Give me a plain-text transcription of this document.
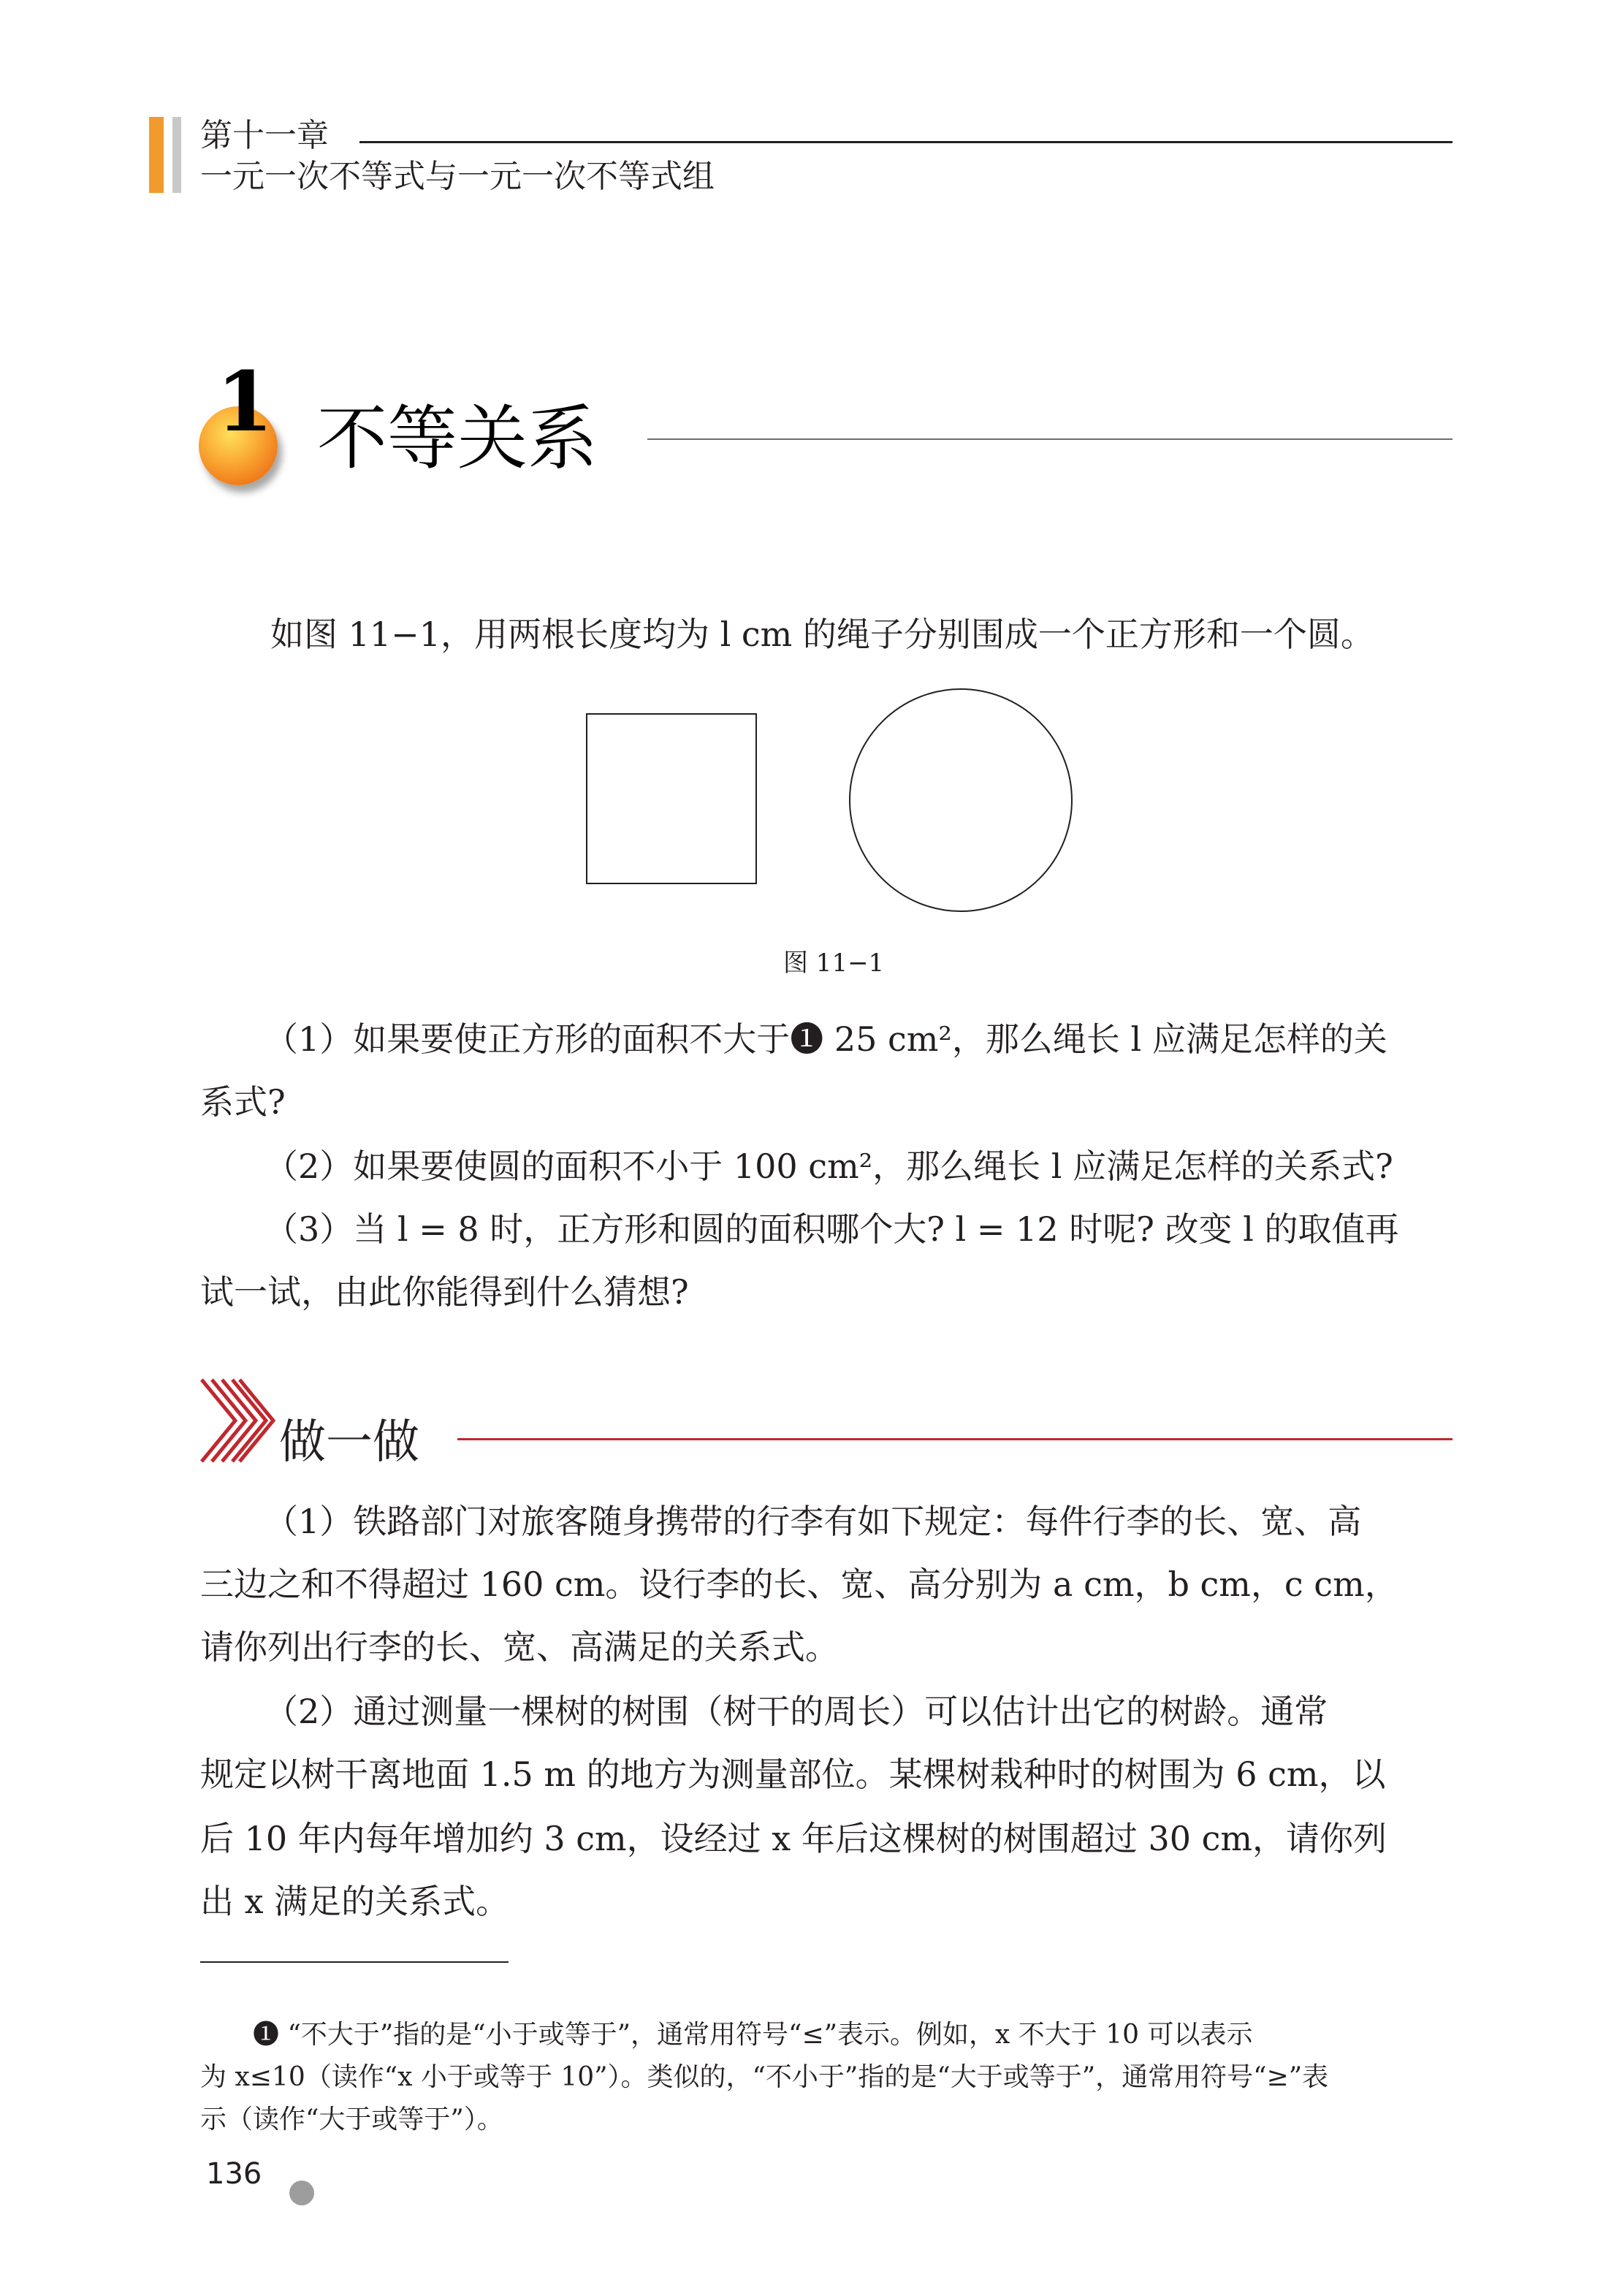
第十一章
一元一次不等式与一元一次不等式组
1 不等关系
如图 11−1，用两根长度均为 l cm 的绳子分别围成一个正方形和一个圆。
图 11−1
（1）如果要使正方形的面积不大于❶ 25 cm²，那么绳长 l 应满足怎样的关
系式?
（2）如果要使圆的面积不小于 100 cm²，那么绳长 l 应满足怎样的关系式?
（3）当 l = 8 时，正方形和圆的面积哪个大? l = 12 时呢? 改变 l 的取值再
试一试，由此你能得到什么猜想?
做一做
（1）铁路部门对旅客随身携带的行李有如下规定：每件行李的长、宽、高
三边之和不得超过 160 cm。设行李的长、宽、高分别为 a cm，b cm，c cm，
请你列出行李的长、宽、高满足的关系式。
（2）通过测量一棵树的树围（树干的周长）可以估计出它的树龄。通常
规定以树干离地面 1.5 m 的地方为测量部位。某棵树栽种时的树围为 6 cm，以
后 10 年内每年增加约 3 cm，设经过 x 年后这棵树的树围超过 30 cm，请你列
出 x 满足的关系式。
❶ “不大于”指的是“小于或等于”，通常用符号“≤”表示。例如，x 不大于 10 可以表示
为 x≤10（读作“x 小于或等于 10”）。类似的，“不小于”指的是“大于或等于”，通常用符号“≥”表
示（读作“大于或等于”）。
136
